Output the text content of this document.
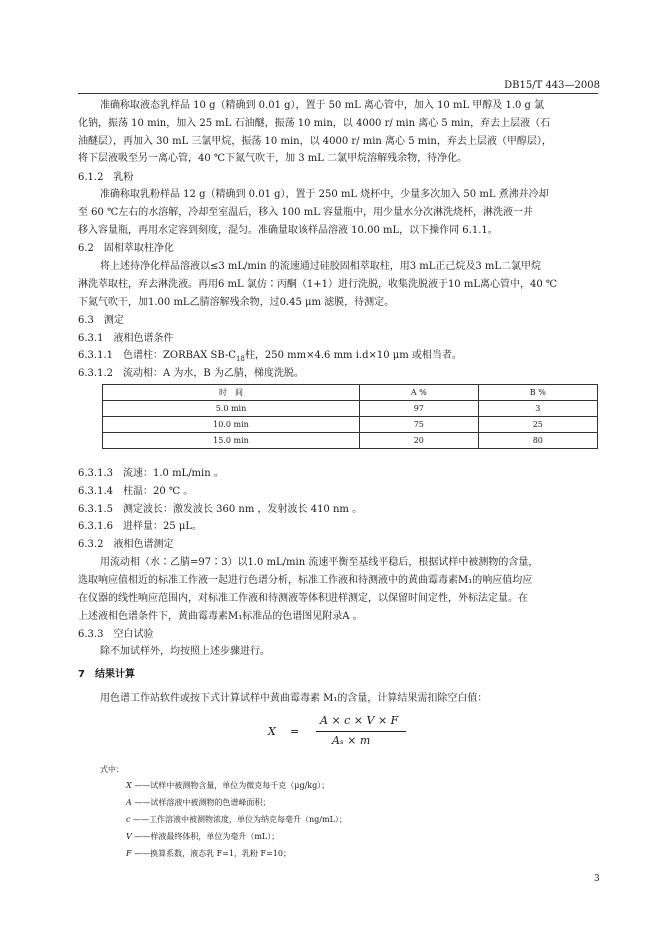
DB15/T 443—2008
准确称取液态乳样品 10 g（精确到 0.01 g），置于 50 mL 离心管中，加入 10 mL 甲醇及 1.0 g 氯
化钠，振荡 10 min，加入 25 mL 石油醚，振荡 10 min，以 4000 r/ min 离心 5 min，弃去上层液（石
油醚层），再加入 30 mL 三氯甲烷，振荡 10 min，以 4000 r/ min 离心 5 min，弃去上层液（甲醇层），
将下层液吸至另一离心管，40 ℃下氮气吹干，加 3 mL 二氯甲烷溶解残余物，待净化。
6.1.2　乳粉
准确称取乳粉样品 12 g（精确到 0.01 g），置于 250 mL 烧杯中，少量多次加入 50 mL 煮沸并冷却
至 60 ℃左右的水溶解，冷却至室温后，移入 100 mL 容量瓶中，用少量水分次淋洗烧杯，淋洗液一并
移入容量瓶，再用水定容到刻度，混匀。准确量取该样品溶液 10.00 mL，以下操作同 6.1.1。
6.2　固相萃取柱净化
将上述待净化样品溶液以≤3 mL/min 的流速通过硅胶固相萃取柱，用3 mL正己烷及3 mL二氯甲烷
淋洗萃取柱，弃去淋洗液。再用6 mL 氯仿∶丙酮（1+1）进行洗脱，收集洗脱液于10 mL离心管中，40 ℃
下氮气吹干，加1.00 mL乙腈溶解残余物，过0.45 μm 滤膜，待测定。
6.3　测定
6.3.1　液相色谱条件
6.3.1.1　色谱柱：ZORBAX $SB-C_{18}$柱，250 mm×4.6 mm i.d×10 μm 或相当者。
6.3.1.2　流动相：A 为水，B 为乙腈，梯度洗脱。
时　间	A %	B %
5.0 min	97	3
10.0 min	75	25
15.0 min	20	80
6.3.1.3　流速：1.0 mL/min 。
6.3.1.4　柱温：20 ℃ 。
6.3.1.5　测定波长：激发波长 360 nm ，发射波长 410 nm 。
6.3.1.6　进样量：25 μL。
6.3.2　液相色谱测定
用流动相（水∶乙腈=97∶3）以1.0 mL/min 流速平衡至基线平稳后，根据试样中被测物的含量，
选取响应值相近的标准工作液一起进行色谱分析，标准工作液和待测液中的黄曲霉毒素M₁的响应值均应
在仪器的线性响应范围内，对标准工作液和待测液等体积进样测定，以保留时间定性，外标法定量。在
上述液相色谱条件下，黄曲霉毒素M₁标准品的色谱图见附录A 。
6.3.3　空白试验
除不加试样外，均按照上述步骤进行。
7　结果计算
用色谱工作站软件或按下式计算试样中黄曲霉毒素 M₁的含量，计算结果需扣除空白值：
X =
A × c × V × F
Aₛ × m
式中：
X ——试样中被测物含量，单位为微克每千克（μg/kg）；
A ——试样溶液中被测物的色谱峰面积；
c ——工作溶液中被测物浓度，单位为纳克每毫升（ng/mL）；
V ——样液最终体积，单位为毫升（mL）；
F ——换算系数，液态乳 F=1，乳粉 F=10；
3
